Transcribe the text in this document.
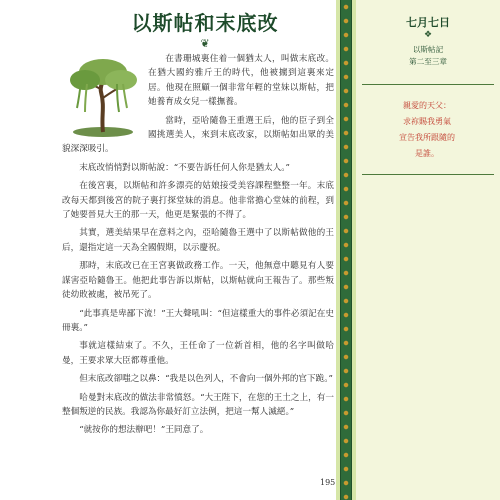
以斯帖和末底改
❦

在書珊城裏住着一個猶太人，叫做末底改。在猶大國約雅斤王的時代，他被擄到這裏來定居。他現在照顧一個非常年輕的堂妹以斯帖，把她養育成女兒一樣撫養。

當時，亞哈隨魯王重選王后，他的臣子到全國挑選美人，來到末底改家，以斯帖如出眾的美貌深深吸引。

末底改悄悄對以斯帖說：“不要告訴任何人你是猶太人。”

在後宮裏，以斯帖和許多漂亮的姑娘接受美容課程整整一年。末底改每天都到後宮的院子裏打探堂妹的消息。他非常擔心堂妹的前程，到了她要晉見大王的那一天，他更是緊張的不得了。

其實，選美結果早在意料之內，亞哈隨魯王選中了以斯帖做他的王后，還指定這一天為全國假期，以示慶祝。

那時，末底改已在王宮裏做政務工作。一天，他無意中聽見有人要謀害亞哈隨魯王。他把此事告訴以斯帖，以斯帖就向王報告了。那些叛徒幼敗被處，被吊死了。

“此事真是卑鄙下流！”王大聲吼叫：“但這樣重大的事件必須記在史冊裏。”

事就這樣結束了。不久，王任命了一位新首相，他的名字叫做哈曼，王要求眾大臣都尊重他。

但末底改卻嗤之以鼻：“我是以色列人，不會向一個外邦的官下跪。”

哈曼對末底改的做法非常憤怒。“大王陛下，在您的王土之上，有一整個叛逆的民族。我認為你最好訂立法例，把這一幫人滅絕。”

“就按你的想法辦吧！”王同意了。

195
七月七日
❖
以斯帖記
第二至三章
親愛的天父：
求祢賜我勇氣
宣告我所跟隨的
是誰。
